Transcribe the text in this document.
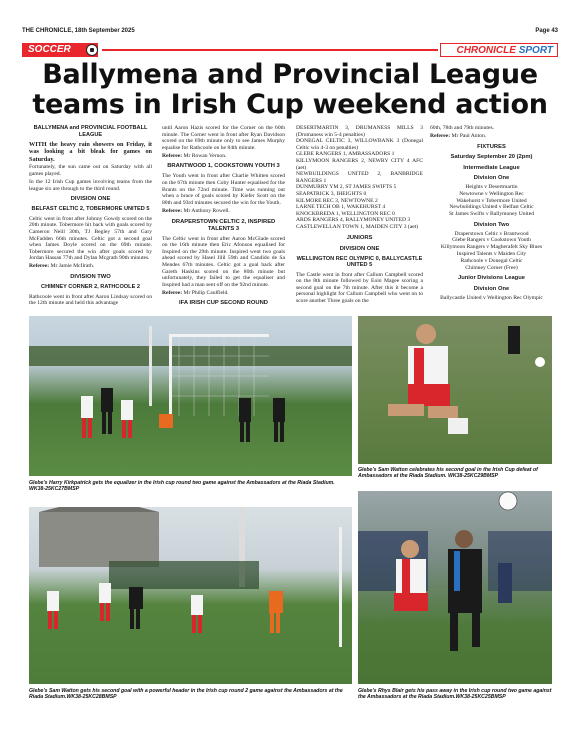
THE CHRONICLE, 18th September 2025	Page 43
SOCCER	CHRONICLE SPORT
Ballymena and Provincial League teams in Irish Cup weekend action
BALLYMENA and PROVINCIAL FOOTBALL LEAGUE

WITH the heavy rain showers on Friday, it was looking a bit bleak for games on Saturday.

Fortunately, the sun came out on Saturday with all games played.

In the 12 Irish Cup games involving teams from the league six are through to the third round.

DIVISION ONE
BELFAST CELTIC 2, TOBERMORE UNITED 5

Celtic went in front after Johnny Gowdy scored on the 20th minute. Tobermore hit back with goals scored by Cameron Neill 30th, TJ Begley 57th and Gary McFadden 66th minutes. Celtic got a second goal when James Doyle scored on the 69th minute. Tobermore secured the win after goals scored by Jordan Hassan 77th and Dylan Mcgrath 90th minutes.

Referee: Mr Jamie McIlrath.

DIVISION TWO
CHIMNEY CORNER 2, RATHCOOLE 2

Rathcoole went in front after Aaron Lindsay scored on the 12th minute and held this advantage

until Aaron Hazis scored for the Corner on the 60th minute. The Corner went in front after Ryan Davidson scored on the 69th minute only to see James Murphy equalise for Rathcoole on he 84th minute.

Referee: Mr Rowan Vernon.

BRANTWOOD 1, COOKSTOWN YOUTH 3

The Youth went in front after Charlie Whitten scored on the 67th minute then Coby Hunter equalised for the Brants on the 72nd minute. Time was running out when a brace of goals scored by Kiefer Scott on the 80th and 93rd minutes secured the win for the Youth.

Referee: Mr Anthony Rowell.

DRAPERSTOWN CELTIC 2, INSPIRED TALENTS 3

The Celtic went in front after Aaron McGlade scored on the 16th minute then Eric Afonsou equalised for Inspired on the 29th minute. Inspired went two goals ahead scored by Hasel Jilil 59th and Candido de Sa Mendes 67th minutes. Celtic got a goal back after Gareth Haskins scored on the 80th minute but unfortunately, they failed to get the equaliser and Inspired had a man sent off on the 92nd minute.

Referee: Mr Philip Caulfield.

IFA IRISH CUP SECOND ROUND
DESERTMARTIN 3, DRUMANESS MILLS 3 (Drumaness win 5-4 penalties)
DONEGAL CELTIC 3, WILLOWBANK 3 (Donegal Celtic win 4-3 on penalties)
GLEBE RANGERS 1, AMBASSADORS 1
KILLYMOON RANGERS 2, NEWRY CITY 4 AFC (aet)
NEWBUILDINGS UNITED 2, BANBRIDGE RANGERS 1
DUNMURRY YM 2, ST JAMES SWIFTS 5
SEAPATRICK 3, IHEIGHTS 0
KILMORE REC 3, NEWTOWNE 2
LARNE TECH OB 1, WAKEHURST 4
KNOCKBREDA 1, WELLINGTON REC 0
ARDS RANGERS 4, BALLYMONEY UNITED 3
CASTLEWELLAN TOWN 1, MAIDEN CITY 3 (aet)
JUNIORS
DIVISION ONE
WELLINGTON REC OLYMPIC 0, BALLYCASTLE UNITED 5

The Castle went in front after Callum Campbell scored on the 8th minute followed by Eoin Magee scoring a second goal on the 7th minute. After this it become a personal highlight for Callum Campbell who went on to score another Three goals on the

60th, 78th and 79th minutes.

Referee: Mr Paul Anton.

FIXTURES
Saturday September 20 (2pm)
Intermediate League
Division One
Heights v Desertmartin
Newtowne v Wellington Rec
Wakehurst v Tobermore United
Newbuildings United v Belfast Celtic
St James Swifts v Ballymoney United
Division Two
Draperstown Celtic v Brantwood
Glebe Rangers v Cookstown Youth
Killymoon Rangers v Magherafelt Sky Blues
Inspired Talents v Maiden City
Rathcoole v Donegal Celtic
Chimney Corner (Free)
Junior Divisions League
Division One
Ballycastle United v Wellington Rec Olympic
Glebe's Harry Kirkpatrick gets the equalizer in the Irish cup round two game against the Ambassadors at the Riada Stadium. WK38-25KC27BMSP
Glebe's Sam Watton celebrates his second goal in the Irish Cup defeat of Ambassadors at the Riada Stadium. WK38-25KC29BMSP
Glebe's Sam Watton gets his second goal with a powerful header in the Irish cup round 2 game against the Ambassadors at the Riada Stadium.WK38-25KC28BMSP
Glebe's Rhys Blair gets his pass away in the Irish cup round two game against the Ambassadors at the Riada Stadium.WK38-25KC25BMSP
